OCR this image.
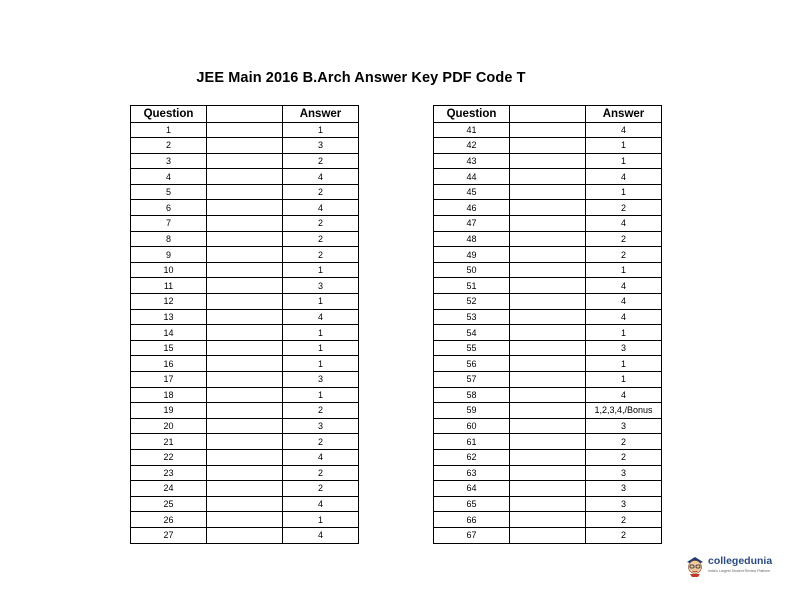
JEE Main 2016 B.Arch Answer Key PDF Code T
Question		Answer
1		1
2		3
3		2
4		4
5		2
6		4
7		2
8		2
9		2
10		1
11		3
12		1
13		4
14		1
15		1
16		1
17		3
18		1
19		2
20		3
21		2
22		4
23		2
24		2
25		4
26		1
27		4
Question		Answer
41		4
42		1
43		1
44		4
45		1
46		2
47		4
48		2
49		2
50		1
51		4
52		4
53		4
54		1
55		3
56		1
57		1
58		4
59		1,2,3,4,/Bonus
60		3
61		2
62		2
63		3
64		3
65		3
66		2
67		2
collegedunia
India's Largest Student Review Platform
